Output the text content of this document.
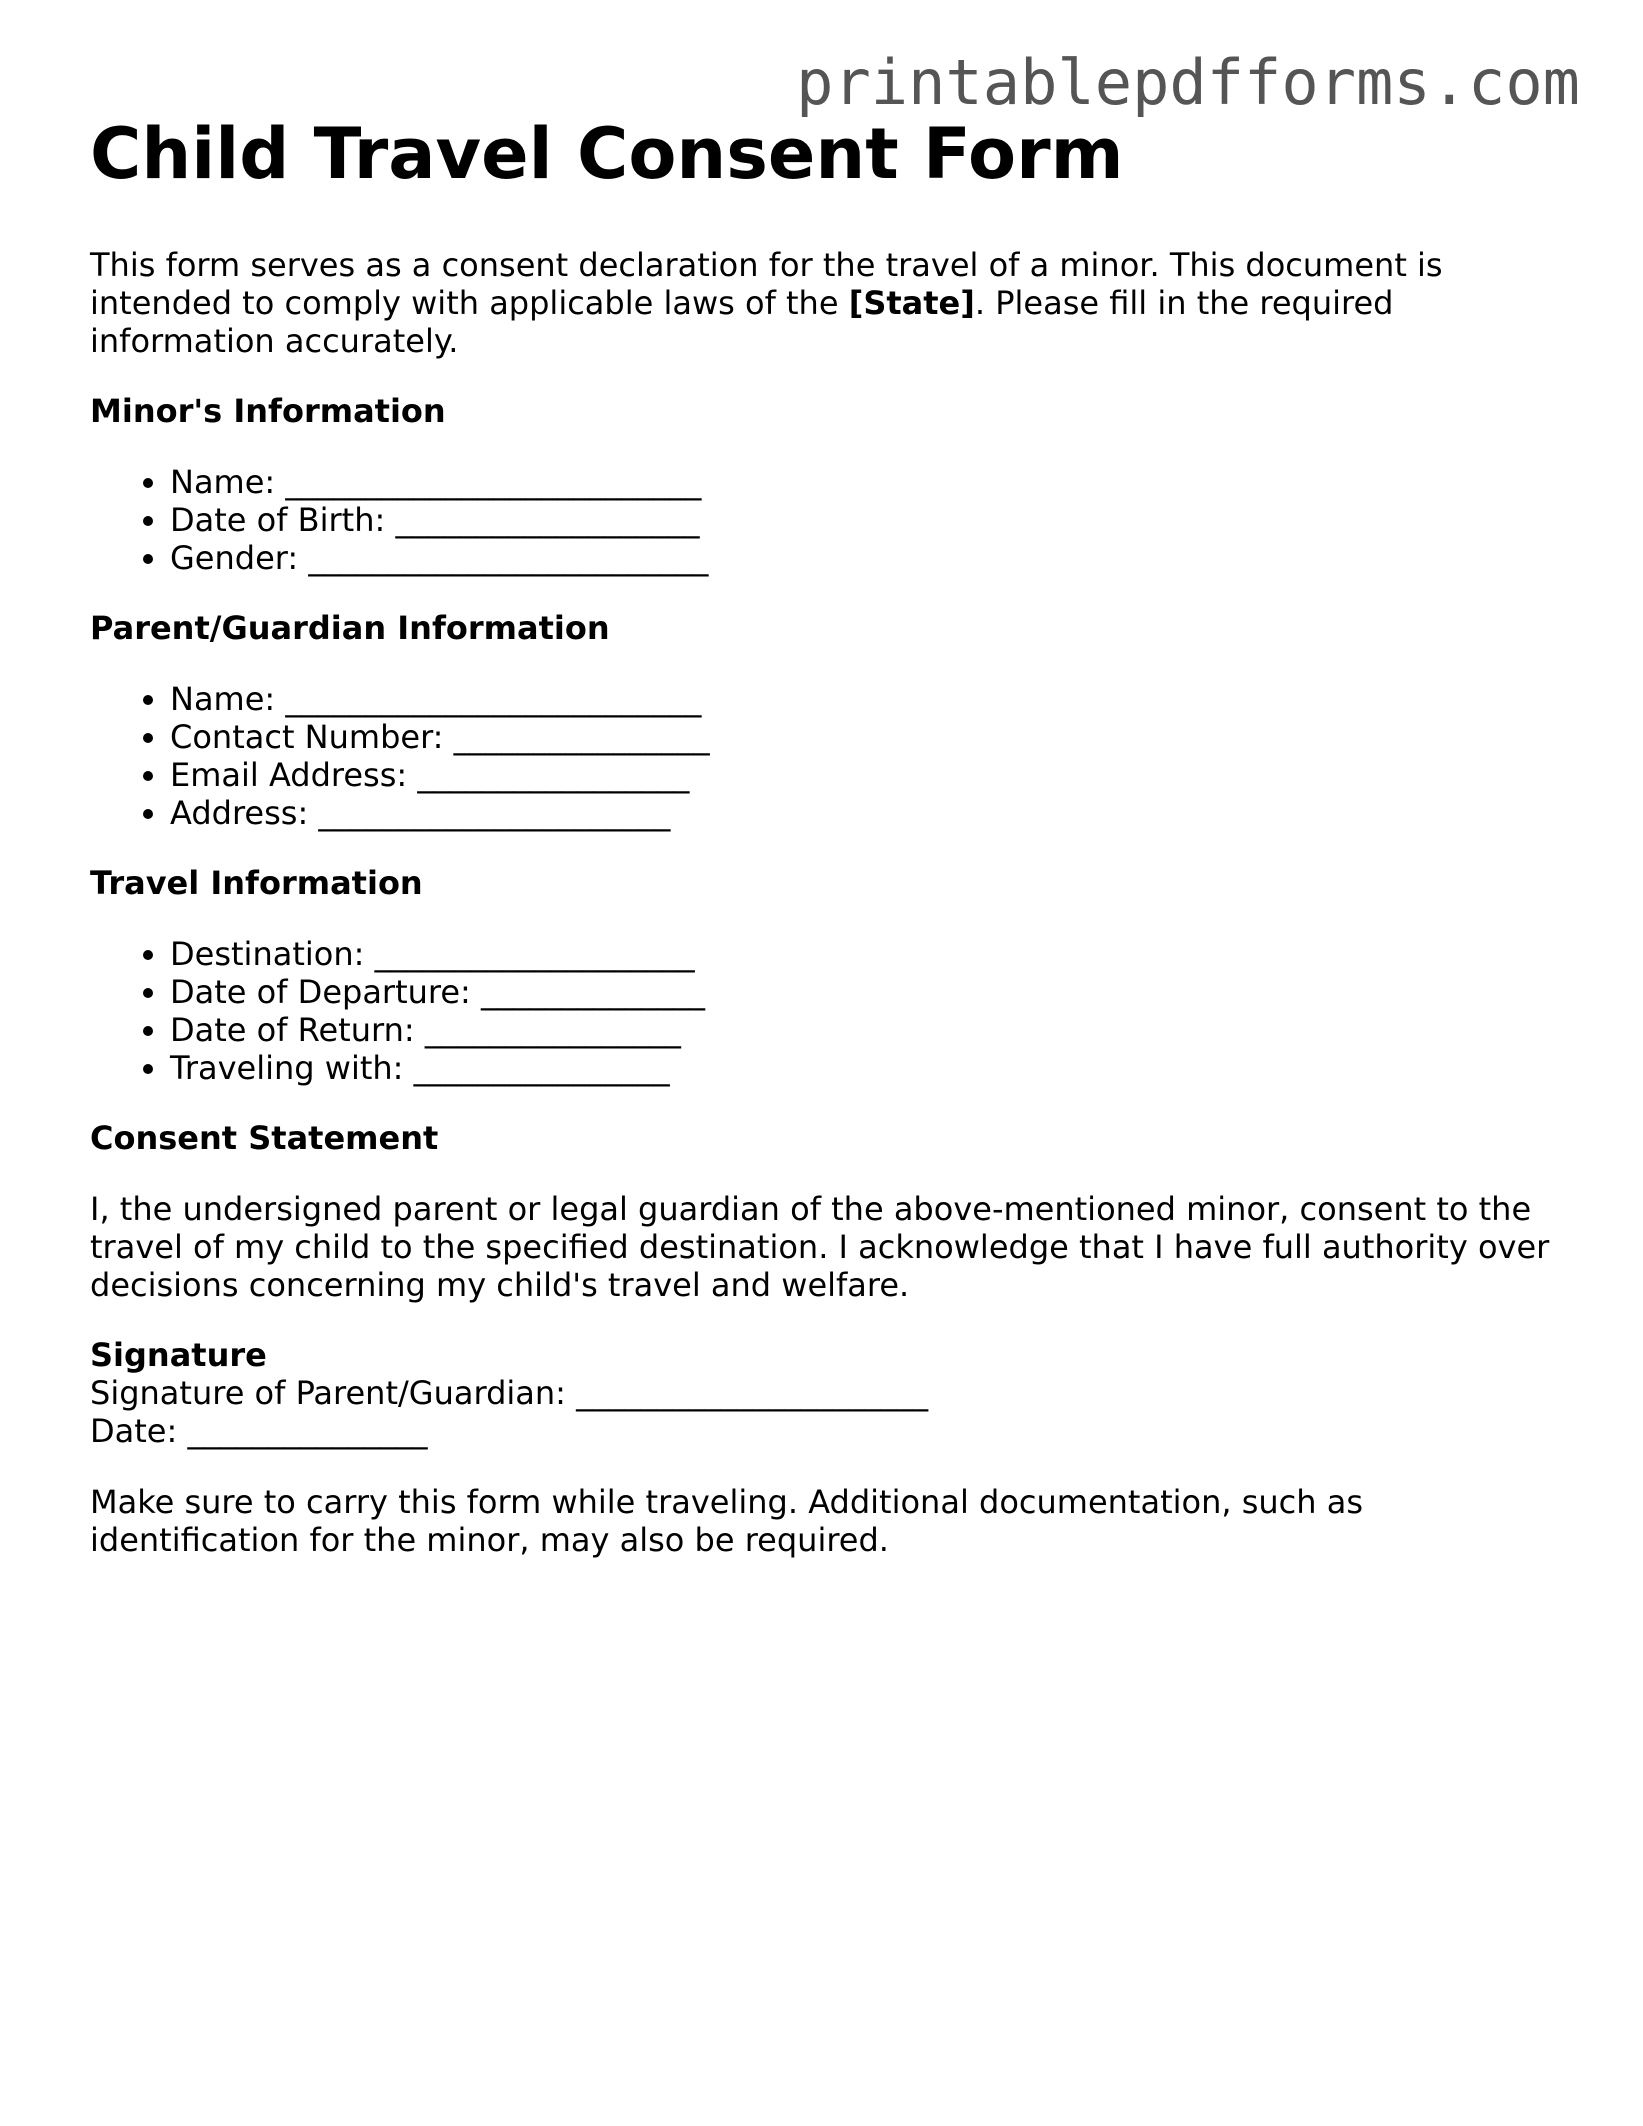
printablepdfforms.com
Child Travel Consent Form

This form serves as a consent declaration for the travel of a minor. This document is intended to comply with applicable laws of the [State]. Please fill in the required information accurately.

Minor's Information
• Name: __________________________
• Date of Birth: ___________________
• Gender: _________________________
Parent/Guardian Information
• Name: __________________________
• Contact Number: ________________
• Email Address: _________________
• Address: ______________________
Travel Information
• Destination: ____________________
• Date of Departure: ______________
• Date of Return: ________________
• Traveling with: ________________
Consent Statement

I, the undersigned parent or legal guardian of the above-mentioned minor, consent to the travel of my child to the specified destination. I acknowledge that I have full authority over decisions concerning my child's travel and welfare.

Signature

Signature of Parent/Guardian: ______________________

Date: _______________

Make sure to carry this form while traveling. Additional documentation, such as identification for the minor, may also be required.
